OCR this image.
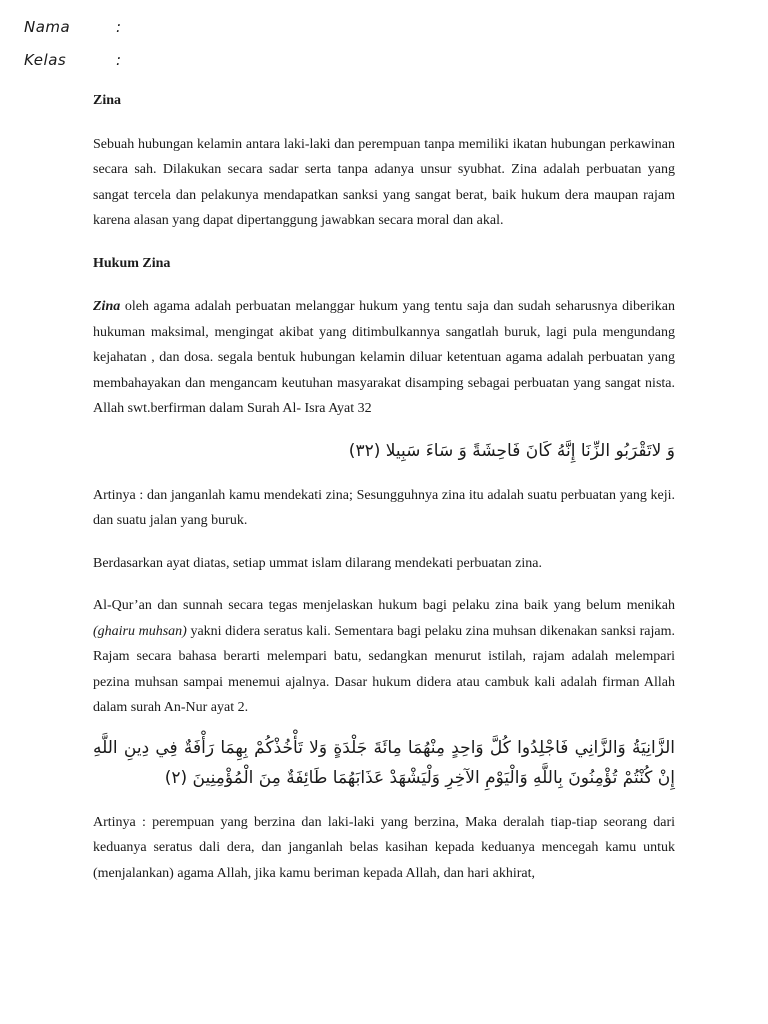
Nama	:
Kelas	:

Zina

Sebuah hubungan kelamin antara laki-laki dan perempuan tanpa memiliki ikatan hubungan perkawinan secara sah. Dilakukan secara sadar serta tanpa adanya unsur syubhat. Zina adalah perbuatan yang sangat tercela dan pelakunya mendapatkan sanksi yang sangat berat, baik hukum dera maupan rajam karena alasan yang dapat dipertanggung jawabkan secara moral dan akal.

Hukum Zina

Zina oleh agama adalah perbuatan melanggar hukum yang tentu saja dan sudah seharusnya diberikan hukuman maksimal, mengingat akibat yang ditimbulkannya sangatlah buruk, lagi pula mengundang kejahatan , dan dosa. segala bentuk hubungan kelamin diluar ketentuan agama adalah perbuatan yang membahayakan dan mengancam keutuhan masyarakat disamping sebagai perbuatan yang sangat nista. Allah swt.berfirman dalam Surah Al- Isra Ayat 32

وَ لاتَقْرَبُو الزِّنَا إِنَّهُ كَانَ فَاحِشَةً وَ سَاءَ سَبِيلا (٣٢)

Artinya : dan janganlah kamu mendekati zina; Sesungguhnya zina itu adalah suatu perbuatan yang keji. dan suatu jalan yang buruk.

Berdasarkan ayat diatas, setiap ummat islam dilarang mendekati perbuatan zina.

Al-Qur’an dan sunnah secara tegas menjelaskan hukum bagi pelaku zina baik yang belum menikah (ghairu muhsan) yakni didera seratus kali. Sementara bagi pelaku zina muhsan dikenakan sanksi rajam. Rajam secara bahasa berarti melempari batu, sedangkan menurut istilah, rajam adalah melempari pezina muhsan sampai menemui ajalnya. Dasar hukum didera atau cambuk kali adalah firman Allah dalam surah An-Nur ayat 2.

الزَّانِيَةُ وَالزَّانِي فَاجْلِدُوا كُلَّ وَاحِدٍ مِنْهُمَا مِائَةَ جَلْدَةٍ وَلا تَأْخُذْكُمْ بِهِمَا رَأْفَةٌ فِي دِينِ اللَّهِ إِنْ كُنْتُمْ تُؤْمِنُونَ بِاللَّهِ وَالْيَوْمِ الآخِرِ وَلْيَشْهَدْ عَذَابَهُمَا طَائِفَةٌ مِنَ الْمُؤْمِنِينَ (٢)

Artinya : perempuan yang berzina dan laki-laki yang berzina, Maka deralah tiap-tiap seorang dari keduanya seratus dali dera, dan janganlah belas kasihan kepada keduanya mencegah kamu untuk (menjalankan) agama Allah, jika kamu beriman kepada Allah, dan hari akhirat,
